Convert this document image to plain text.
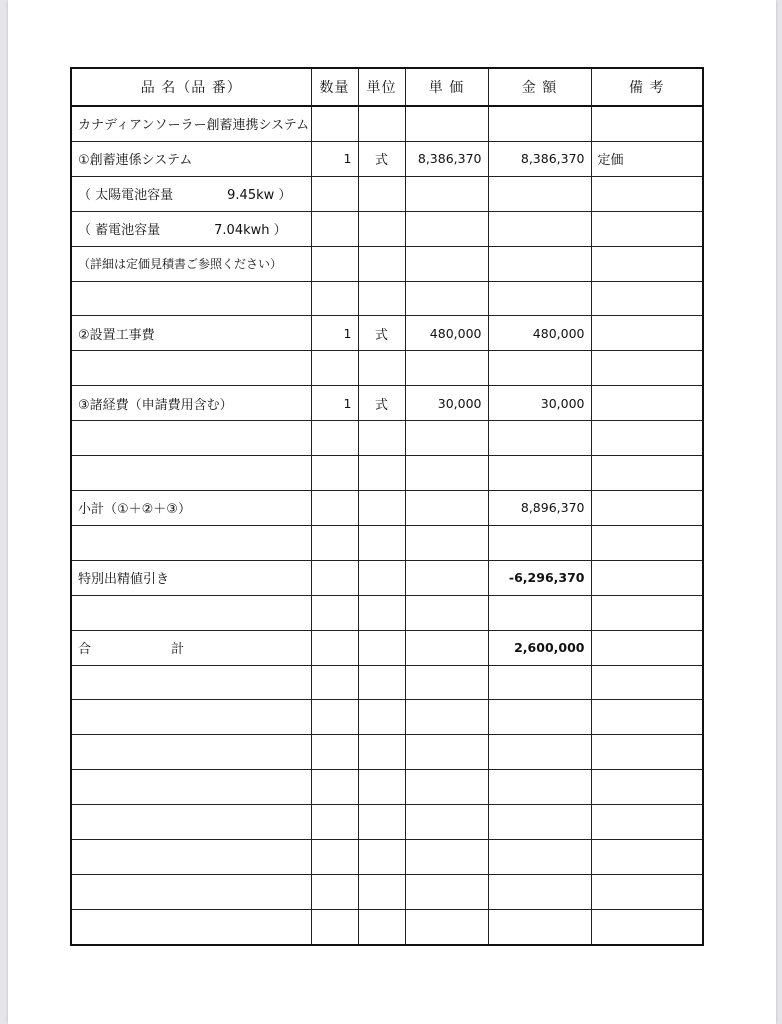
品 名（品 番）	数量	単位	単 価	金 額	備 考
カナディアンソーラー創蓄連携システム					
①創蓄連係システム	1	式	8,386,370	8,386,370	定価
（ 太陽電池容量 9.45kw ）					
（ 蓄電池容量 7.04kwh ）					
（詳細は定価見積書ご参照ください）					

②設置工事費	1	式	480,000	480,000	

③諸経費（申請費用含む）	1	式	30,000	30,000	

小計（①＋②＋③）				8,896,370	

特別出精値引き				-6,296,370	

合 計				2,600,000	
